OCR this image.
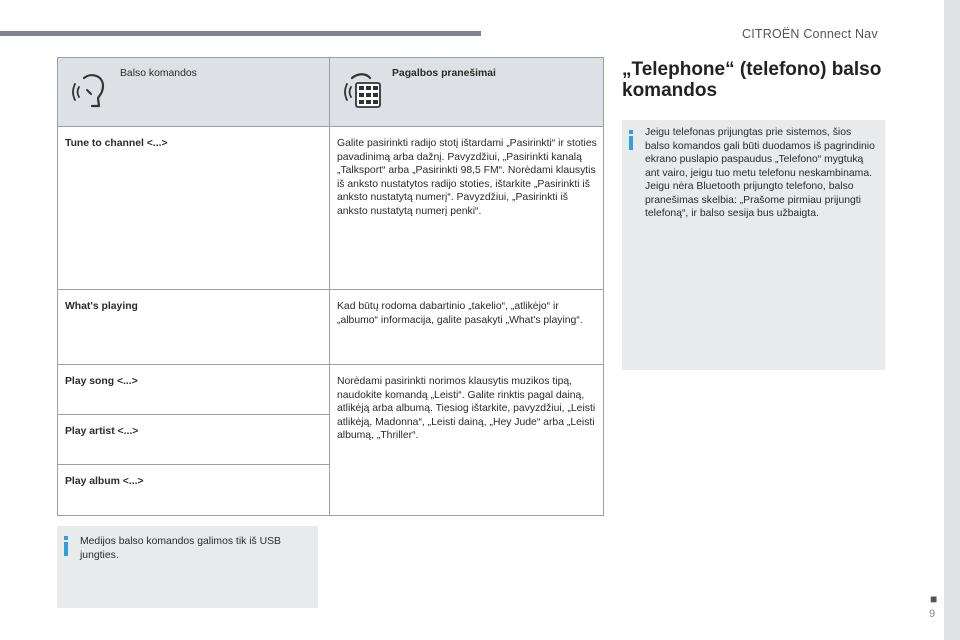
CITROËN Connect Nav
Balso komandos	Pagalbos pranešimai

Tune to channel <...>	Galite pasirinkti radijo stotį ištardami „Pasirinkti“ ir stoties pavadinimą arba dažnį. Pavyzdžiui, „Pasirinkti kanalą „Talksport“ arba „Pasirinkti 98,5 FM“. Norėdami klausytis iš anksto nustatytos radijo stoties, ištarkite „Pasirinkti iš anksto nustatytą numerį“. Pavyzdžiui, „Pasirinkti iš anksto nustatytą numerį penki“.

What's playing	Kad būtų rodoma dabartinio „takelio“, „atlikėjo“ ir „albumo“ informacija, galite pasakyti „What's playing“.

Play song <...>	Norėdami pasirinkti norimos klausytis muzikos tipą, naudokite komandą „Leisti“. Galite rinktis pagal dainą, atlikėją arba albumą. Tiesiog ištarkite, pavyzdžiui, „Leisti atlikėją, Madonna“, „Leisti dainą, „Hey Jude“ arba „Leisti albumą, „Thriller“.

Play artist <...>	

Play album <...>	
Medijos balso komandos galimos tik iš USB jungties.
„Telephone“ (telefono) balso komandos
Jeigu telefonas prijungtas prie sistemos, šios balso komandos gali būti duodamos iš pagrindinio ekrano puslapio paspaudus „Telefono“ mygtuką ant vairo, jeigu tuo metu telefonu neskambinama. Jeigu nėra Bluetooth prijungto telefono, balso pranešimas skelbia: „Prašome pirmiau prijungti telefoną“, ir balso sesija bus užbaigta.
■
9
